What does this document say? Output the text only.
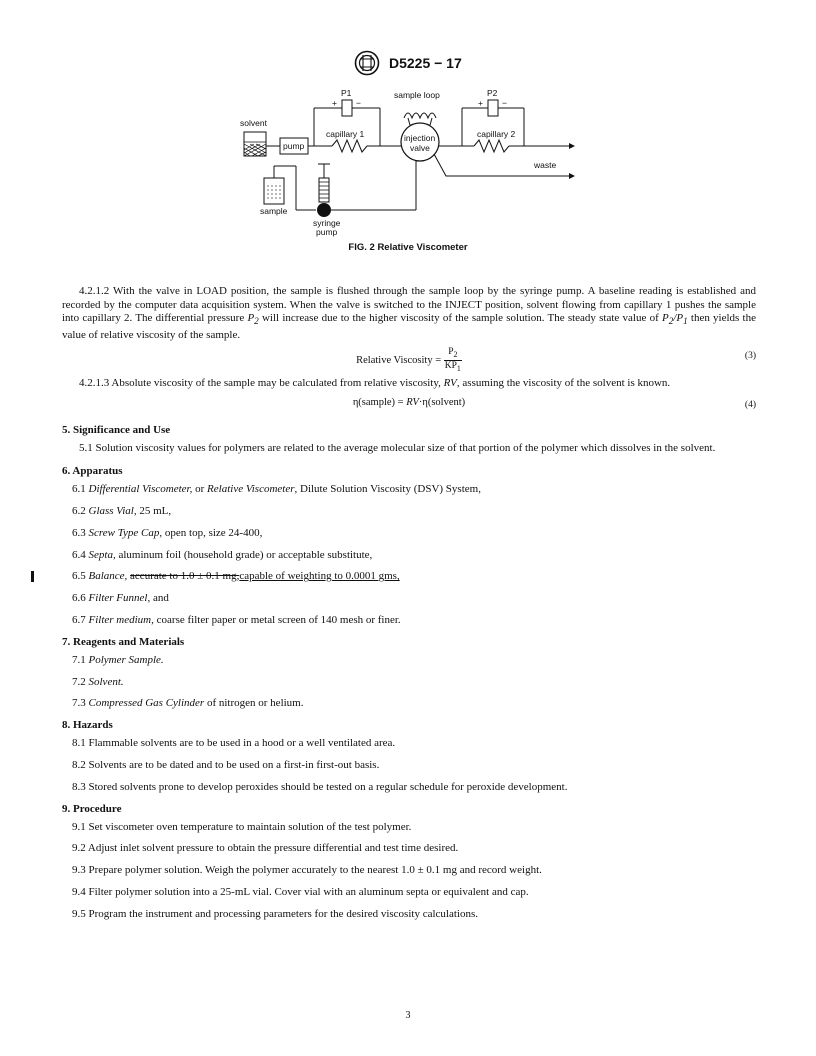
D5225 − 17
solvent
pump
capillary 1
P1
+ −
injection
valve
sample loop
capillary 2
P2
+ −
waste
sample
syringe
pump
FIG. 2 Relative Viscometer

4.2.1.2 With the valve in LOAD position, the sample is flushed through the sample loop by the syringe pump. A baseline reading is established and recorded by the computer data acquisition system. When the valve is switched to the INJECT position, solvent flowing from capillary 1 pushes the sample into capillary 2. The differential pressure $P_2$ will increase due to the higher viscosity of the sample solution. The steady state value of $P_2/P_1$ then yields the value of relative viscosity of the sample.

Relative Viscosity = $\frac{P_2}{KP_1}$	(3)

4.2.1.3 Absolute viscosity of the sample may be calculated from relative viscosity, RV, assuming the viscosity of the solvent is known.

η(sample) = RV·η(solvent)	(4)
5. Significance and Use

5.1 Solution viscosity values for polymers are related to the average molecular size of that portion of the polymer which dissolves in the solvent.

6. Apparatus
6.1 Differential Viscometer, or Relative Viscometer, Dilute Solution Viscosity (DSV) System,
6.2 Glass Vial, 25 mL,
6.3 Screw Type Cap, open top, size 24-400,
6.4 Septa, aluminum foil (household grade) or acceptable substitute,
6.5 Balance, accurate to 1.0 ± 0.1 mg,capable of weighting to 0.0001 gms,
6.6 Filter Funnel, and
6.7 Filter medium, coarse filter paper or metal screen of 140 mesh or finer.
7. Reagents and Materials
7.1 Polymer Sample.
7.2 Solvent.
7.3 Compressed Gas Cylinder of nitrogen or helium.
8. Hazards
8.1 Flammable solvents are to be used in a hood or a well ventilated area.
8.2 Solvents are to be dated and to be used on a first-in first-out basis.
8.3 Stored solvents prone to develop peroxides should be tested on a regular schedule for peroxide development.
9. Procedure
9.1 Set viscometer oven temperature to maintain solution of the test polymer.
9.2 Adjust inlet solvent pressure to obtain the pressure differential and test time desired.
9.3 Prepare polymer solution. Weigh the polymer accurately to the nearest 1.0 ± 0.1 mg and record weight.
9.4 Filter polymer solution into a 25-mL vial. Cover vial with an aluminum septa or equivalent and cap.
9.5 Program the instrument and processing parameters for the desired viscosity calculations.
3
